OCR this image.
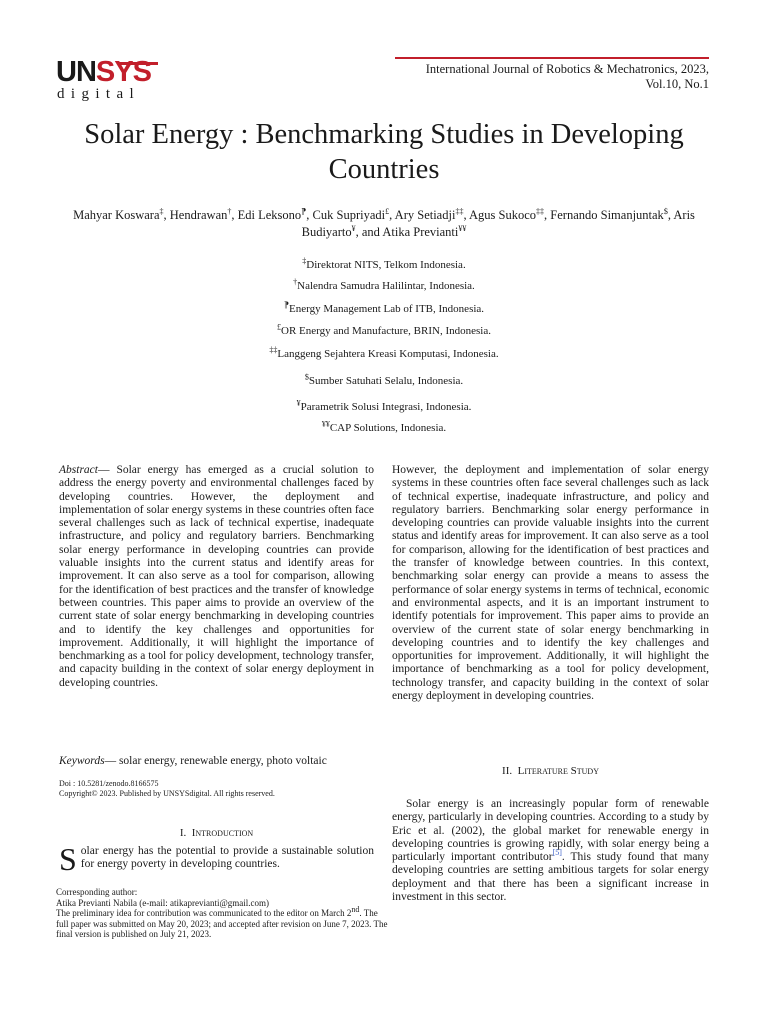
UNSYS
digital
International Journal of Robotics & Mechatronics, 2023,
Vol.10, No.1
Solar Energy : Benchmarking Studies in Developing Countries
Mahyar Koswara‡, Hendrawan†, Edi Leksono⁋, Cuk Supriyadi£, Ary Setiadji‡‡, Agus Sukoco‡‡, Fernando Simanjuntak$, Aris Budiyarto¥, and Atika Previanti¥¥
‡Direktorat NITS, Telkom Indonesia.
†Nalendra Samudra Halilintar, Indonesia.
⁋Energy Management Lab of ITB, Indonesia.
£OR Energy and Manufacture, BRIN, Indonesia.
‡‡Langgeng Sejahtera Kreasi Komputasi, Indonesia.
$Sumber Satuhati Selalu, Indonesia.
¥Parametrik Solusi Integrasi, Indonesia.
¥¥CAP Solutions, Indonesia.
Abstract— Solar energy has emerged as a crucial solution to address the energy poverty and environmental challenges faced by developing countries. However, the deployment and implementation of solar energy systems in these countries often face several challenges such as lack of technical expertise, inadequate infrastructure, and policy and regulatory barriers. Benchmarking solar energy performance in developing countries can provide valuable insights into the current status and identify areas for improvement. It can also serve as a tool for comparison, allowing for the identification of best practices and the transfer of knowledge between countries. This paper aims to provide an overview of the current state of solar energy benchmarking in developing countries and to identify the key challenges and opportunities for improvement. Additionally, it will highlight the importance of benchmarking as a tool for policy development, technology transfer, and capacity building in the context of solar energy deployment in developing countries.
Keywords— solar energy, renewable energy, photo voltaic
Doi : 10.5281/zenodo.8166575
Copyright© 2023. Published by UNSYSdigital. All rights reserved.
I. Introduction
Solar energy has the potential to provide a sustainable solution for energy poverty in developing countries.
Corresponding author:
Atika Previanti Nabila (e-mail: atikaprevianti@gmail.com)
The preliminary idea for contribution was communicated to the editor on March 2nd. The full paper was submitted on May 20, 2023; and accepted after revision on June 7, 2023. The final version is published on July 21, 2023.
However, the deployment and implementation of solar energy systems in these countries often face several challenges such as lack of technical expertise, inadequate infrastructure, and policy and regulatory barriers. Benchmarking solar energy performance in developing countries can provide valuable insights into the current status and identify areas for improvement. It can also serve as a tool for comparison, allowing for the identification of best practices and the transfer of knowledge between countries. In this context, benchmarking solar energy can provide a means to assess the performance of solar energy systems in terms of technical, economic and environmental aspects, and it is an important instrument to identify potentials for improvement. This paper aims to provide an overview of the current state of solar energy benchmarking in developing countries and to identify the key challenges and opportunities for improvement. Additionally, it will highlight the importance of benchmarking as a tool for policy development, technology transfer, and capacity building in the context of solar energy deployment in developing countries.
II. Literature Study
Solar energy is an increasingly popular form of renewable energy, particularly in developing countries. According to a study by Eric et al. (2002), the global market for renewable energy in developing countries is growing rapidly, with solar energy being a particularly important contributor[5]. This study found that many developing countries are setting ambitious targets for solar energy deployment and that there has been a significant increase in investment in this sector.
